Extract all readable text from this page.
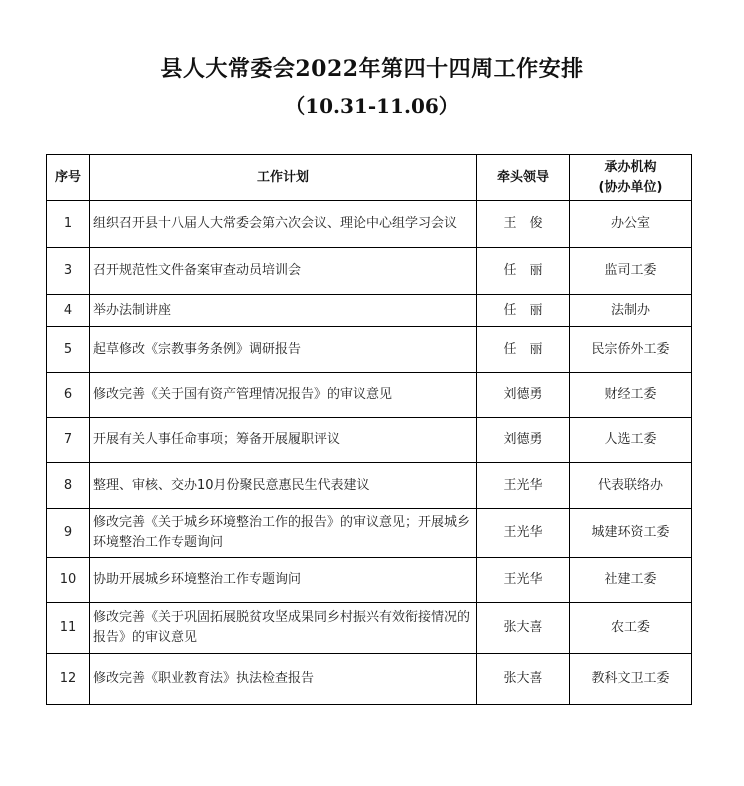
县人大常委会2022年第四十四周工作安排
（10.31-11.06）
序号	工作计划	牵头领导	承办机构
(协办单位)

1	组织召开县十八届人大常委会第六次会议、理论中心组学习会议	王　俊	办公室
3	召开规范性文件备案审查动员培训会	任　丽	监司工委
4	举办法制讲座	任　丽	法制办
5	起草修改《宗教事务条例》调研报告	任　丽	民宗侨外工委
6	修改完善《关于国有资产管理情况报告》的审议意见	刘德勇	财经工委
7	开展有关人事任命事项；筹备开展履职评议	刘德勇	人选工委
8	整理、审核、交办10月份聚民意惠民生代表建议	王光华	代表联络办
9	修改完善《关于城乡环境整治工作的报告》的审议意见；开展城乡环境整治工作专题询问	王光华	城建环资工委
10	协助开展城乡环境整治工作专题询问	王光华	社建工委
11	修改完善《关于巩固拓展脱贫攻坚成果同乡村振兴有效衔接情况的报告》的审议意见	张大喜	农工委
12	修改完善《职业教育法》执法检查报告	张大喜	教科文卫工委
